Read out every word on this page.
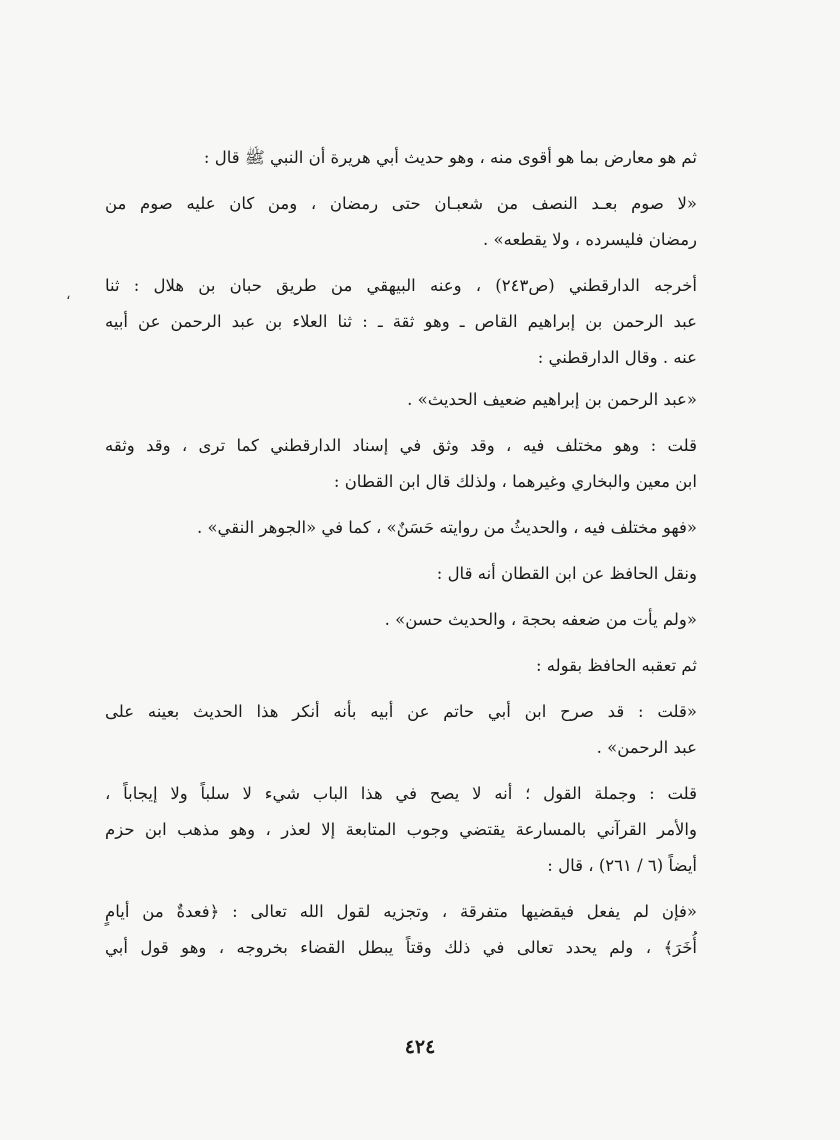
،
ثم هو معارض بما هو أقوى منه ، وهو حديث أبي هريرة أن النبي ﷺ قال :
«لا صوم بعـد النصف من شعبـان حتى رمضان ، ومن كان عليه صوم من
رمضان فليسرده ، ولا يقطعه» .
أخرجه الدارقطني (ص٢٤٣) ، وعنه البيهقي من طريق حبان بن هلال : ثنا
عبد الرحمن بن إبراهيم القاص ـ وهو ثقة ـ : ثنا العلاء بن عبد الرحمن عن أبيه
عنه . وقال الدارقطني :
«عبد الرحمن بن إبراهيم ضعيف الحديث» .
قلت : وهو مختلف فيه ، وقد وثق في إسناد الدارقطني كما ترى ، وقد وثقه
ابن معين والبخاري وغيرهما ، ولذلك قال ابن القطان :
«فهو مختلف فيه ، والحديثُ من روايته حَسَنٌ» ، كما في «الجوهر النقي» .
ونقل الحافظ عن ابن القطان أنه قال :
«ولم يأت من ضعفه بحجة ، والحديث حسن» .
ثم تعقبه الحافظ بقوله :
«قلت : قد صرح ابن أبي حاتم عن أبيه بأنه أنكر هذا الحديث بعينه على
عبد الرحمن» .
قلت : وجملة القول ؛ أنه لا يصح في هذا الباب شيء لا سلباً ولا إيجاباً ،
والأمر القرآني بالمسارعة يقتضي وجوب المتابعة إلا لعذر ، وهو مذهب ابن حزم
أيضاً (٦ / ٢٦١) ، قال :
«فإن لم يفعل فيقضيها متفرقة ، وتجزيه لقول الله تعالى : ﴿فعدةٌ من أيامٍ
أُخَرَ﴾ ، ولم يحدد تعالى في ذلك وقتاً يبطل القضاء بخروجه ، وهو قول أبي
٤٢٤
